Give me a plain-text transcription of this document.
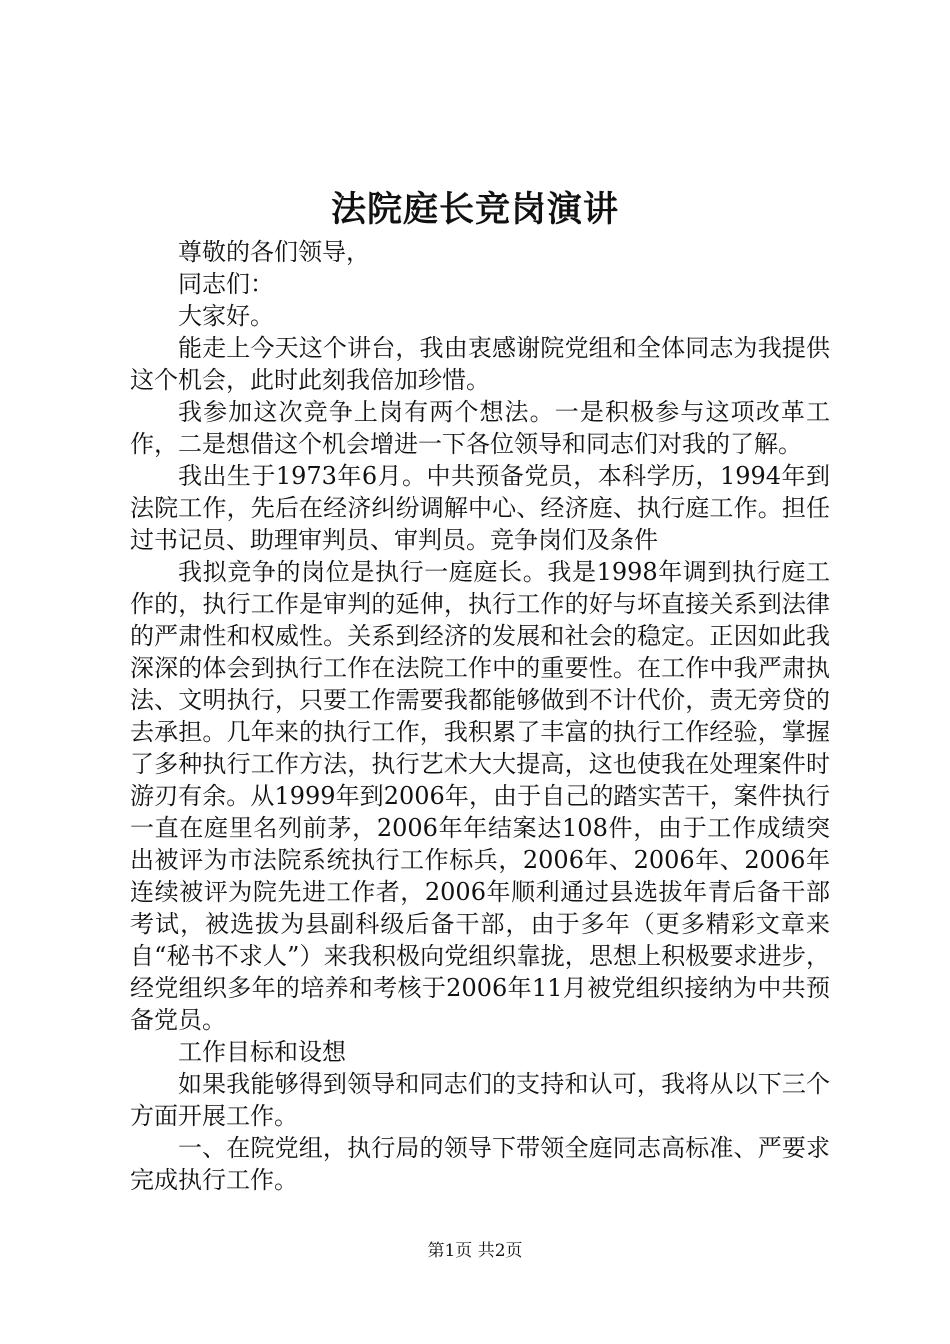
法院庭长竞岗演讲

尊敬的各们领导，

同志们：

大家好。

能走上今天这个讲台，我由衷感谢院党组和全体同志为我提供这个机会，此时此刻我倍加珍惜。

我参加这次竞争上岗有两个想法。一是积极参与这项改革工作，二是想借这个机会增进一下各位领导和同志们对我的了解。

我出生于1973年6月。中共预备党员，本科学历，1994年到法院工作，先后在经济纠纷调解中心、经济庭、执行庭工作。担任过书记员、助理审判员、审判员。竞争岗们及条件

我拟竞争的岗位是执行一庭庭长。我是1998年调到执行庭工作的，执行工作是审判的延伸，执行工作的好与坏直接关系到法律的严肃性和权威性。关系到经济的发展和社会的稳定。正因如此我深深的体会到执行工作在法院工作中的重要性。在工作中我严肃执法、文明执行，只要工作需要我都能够做到不计代价，责无旁贷的去承担。几年来的执行工作，我积累了丰富的执行工作经验，掌握了多种执行工作方法，执行艺术大大提高，这也使我在处理案件时游刃有余。从1999年到2006年，由于自己的踏实苦干，案件执行一直在庭里名列前茅，2006年年结案达108件，由于工作成绩突出被评为市法院系统执行工作标兵，2006年、2006年、2006年连续被评为院先进工作者，2006年顺利通过县选拔年青后备干部考试，被选拔为县副科级后备干部，由于多年（更多精彩文章来自“秘书不求人”）来我积极向党组织靠拢，思想上积极要求进步，经党组织多年的培养和考核于2006年11月被党组织接纳为中共预备党员。

工作目标和设想

如果我能够得到领导和同志们的支持和认可，我将从以下三个方面开展工作。

一、在院党组，执行局的领导下带领全庭同志高标准、严要求完成执行工作。

第1页 共2页
